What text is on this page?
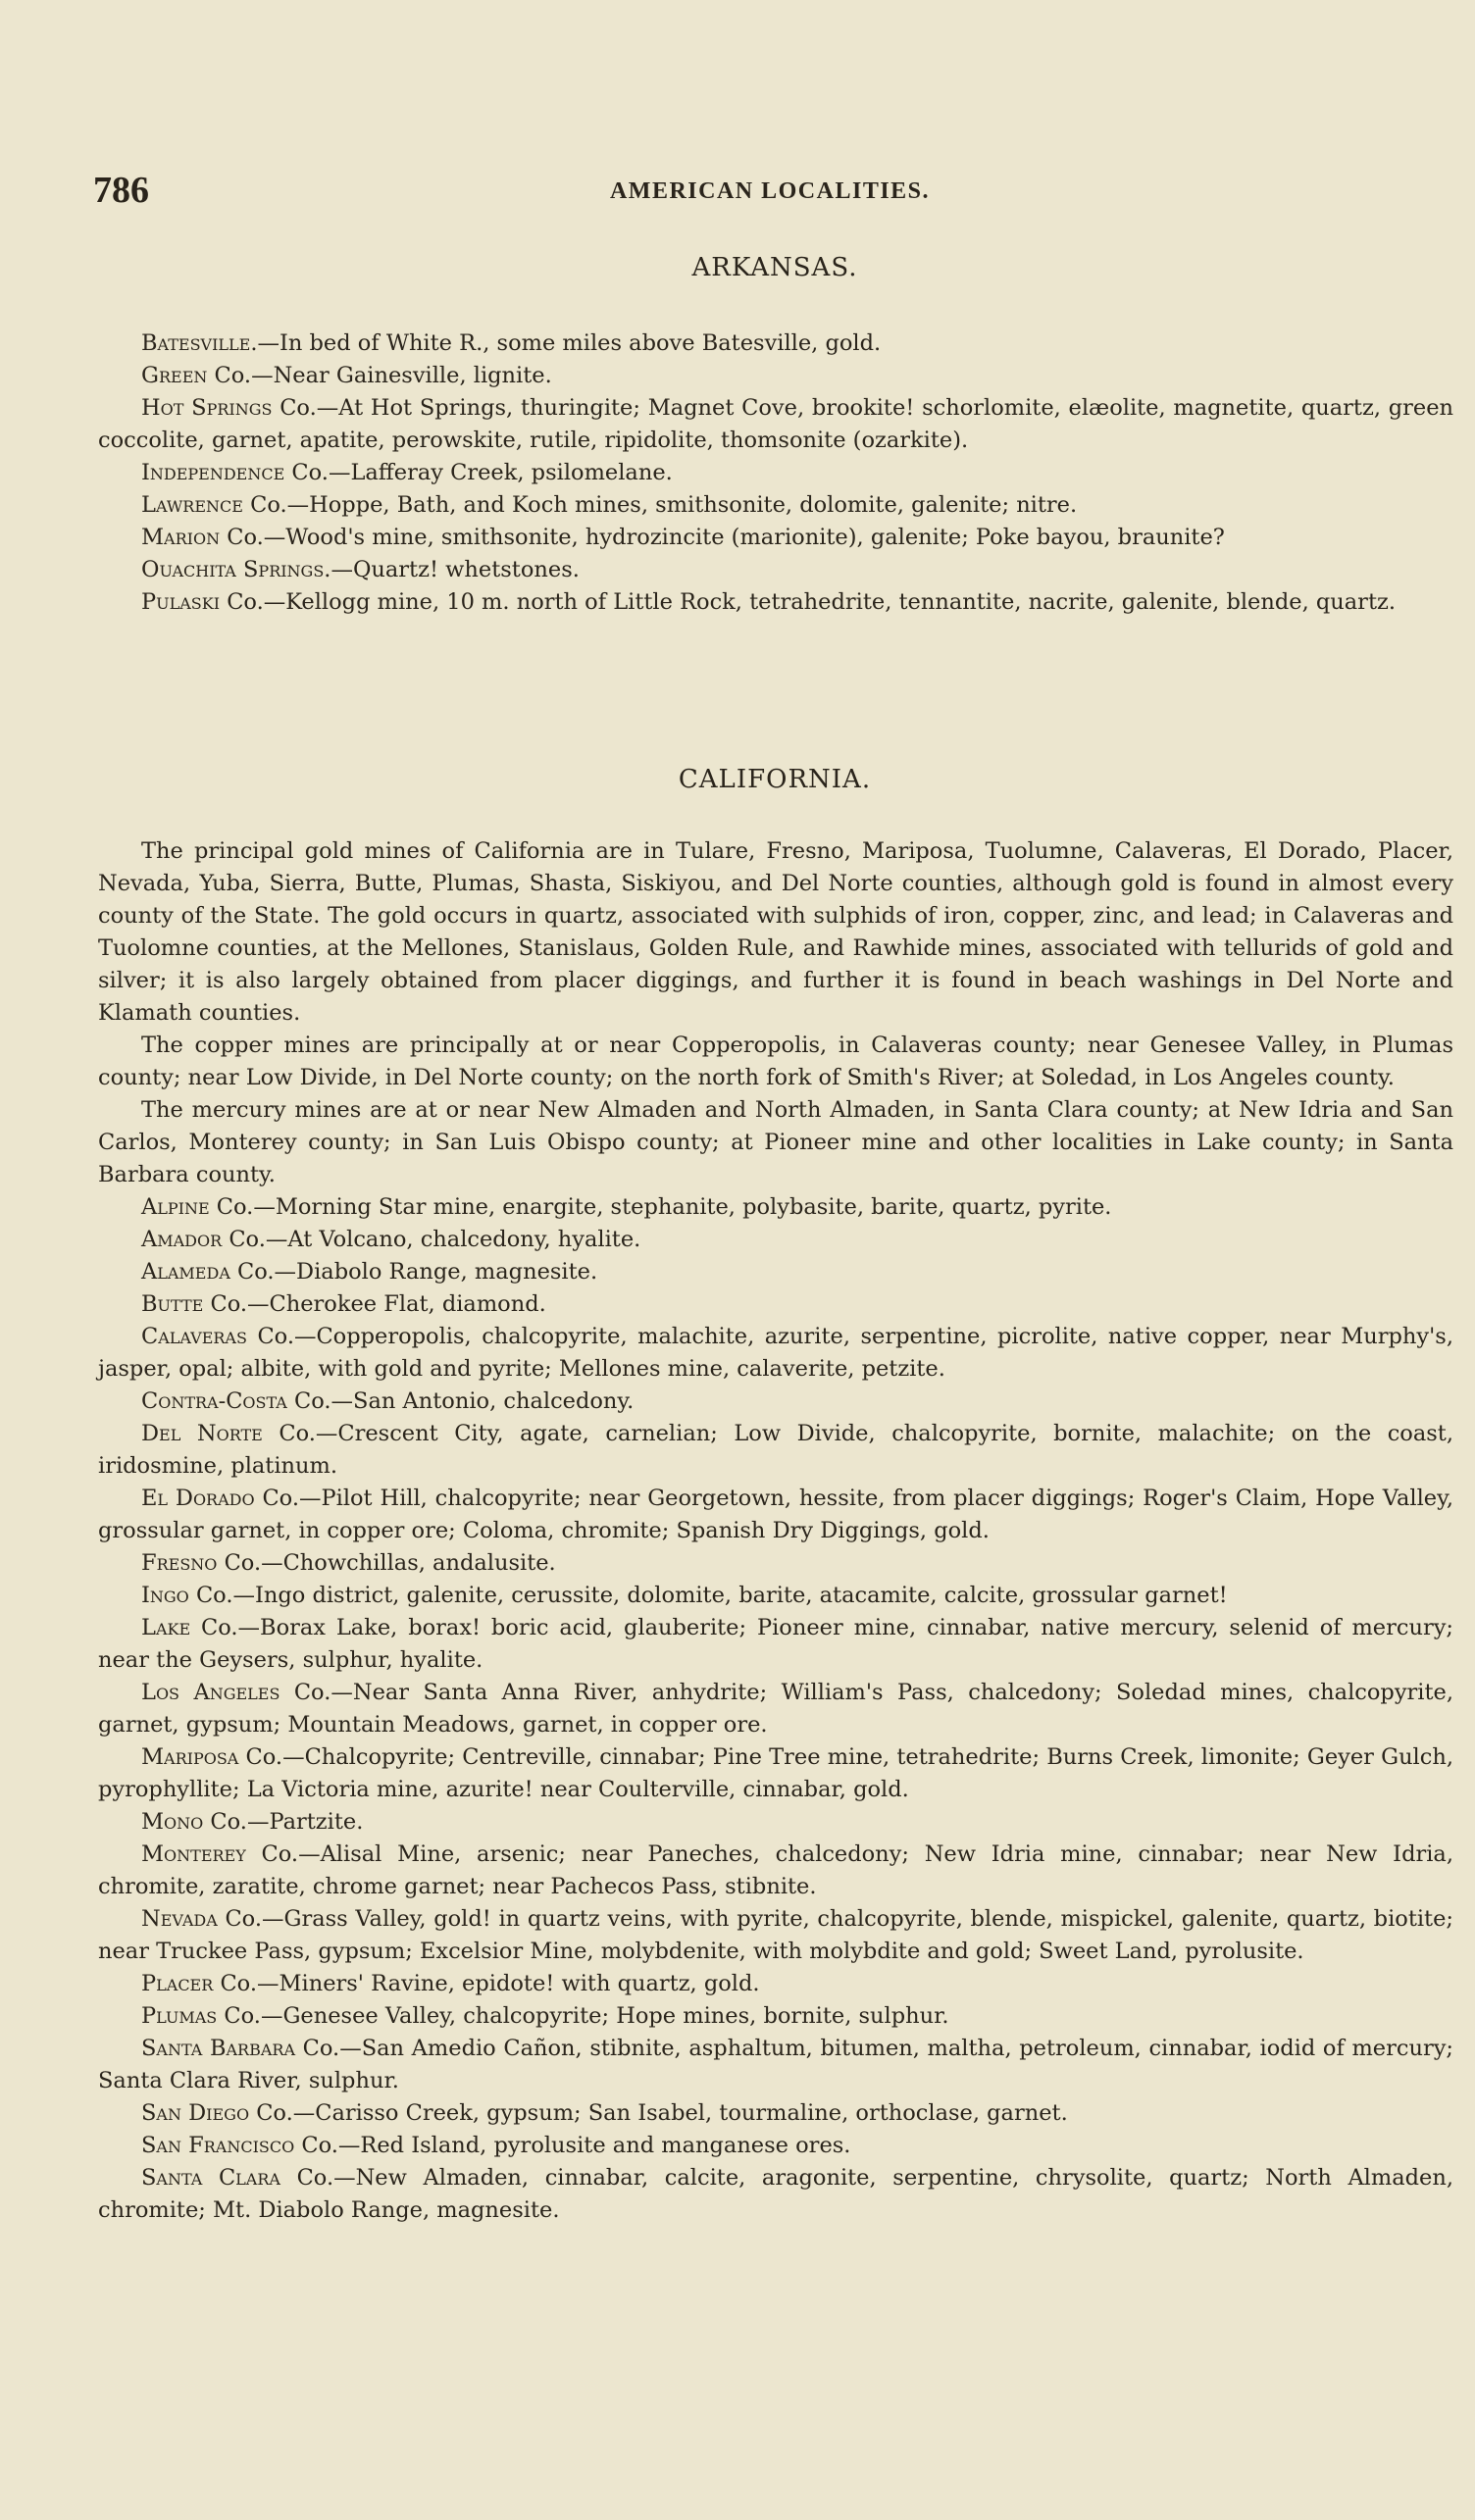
786	AMERICAN LOCALITIES.
ARKANSAS.

Batesville.—In bed of White R., some miles above Batesville, gold.

Green Co.—Near Gainesville, lignite.

Hot Springs Co.—At Hot Springs, thuringite; Magnet Cove, brookite! schorlomite, elæolite, magnetite, quartz, green coccolite, garnet, apatite, perowskite, rutile, ripidolite, thomsonite (ozarkite).

Independence Co.—Lafferay Creek, psilomelane.

Lawrence Co.—Hoppe, Bath, and Koch mines, smithsonite, dolomite, galenite; nitre.

Marion Co.—Wood's mine, smithsonite, hydrozincite (marionite), galenite; Poke bayou, braunite?

Ouachita Springs.—Quartz! whetstones.

Pulaski Co.—Kellogg mine, 10 m. north of Little Rock, tetrahedrite, tennantite, nacrite, galenite, blende, quartz.

CALIFORNIA.

The principal gold mines of California are in Tulare, Fresno, Mariposa, Tuolumne, Calaveras, El Dorado, Placer, Nevada, Yuba, Sierra, Butte, Plumas, Shasta, Siskiyou, and Del Norte counties, although gold is found in almost every county of the State. The gold occurs in quartz, associated with sulphids of iron, copper, zinc, and lead; in Calaveras and Tuolomne counties, at the Mellones, Stanislaus, Golden Rule, and Rawhide mines, associated with tellurids of gold and silver; it is also largely obtained from placer diggings, and further it is found in beach washings in Del Norte and Klamath counties.

The copper mines are principally at or near Copperopolis, in Calaveras county; near Genesee Valley, in Plumas county; near Low Divide, in Del Norte county; on the north fork of Smith's River; at Soledad, in Los Angeles county.

The mercury mines are at or near New Almaden and North Almaden, in Santa Clara county; at New Idria and San Carlos, Monterey county; in San Luis Obispo county; at Pioneer mine and other localities in Lake county; in Santa Barbara county.

Alpine Co.—Morning Star mine, enargite, stephanite, polybasite, barite, quartz, pyrite.

Amador Co.—At Volcano, chalcedony, hyalite.

Alameda Co.—Diabolo Range, magnesite.

Butte Co.—Cherokee Flat, diamond.

Calaveras Co.—Copperopolis, chalcopyrite, malachite, azurite, serpentine, picrolite, native copper, near Murphy's, jasper, opal; albite, with gold and pyrite; Mellones mine, calaverite, petzite.

Contra-Costa Co.—San Antonio, chalcedony.

Del Norte Co.—Crescent City, agate, carnelian; Low Divide, chalcopyrite, bornite, malachite; on the coast, iridosmine, platinum.

El Dorado Co.—Pilot Hill, chalcopyrite; near Georgetown, hessite, from placer diggings; Roger's Claim, Hope Valley, grossular garnet, in copper ore; Coloma, chromite; Spanish Dry Diggings, gold.

Fresno Co.—Chowchillas, andalusite.

Ingo Co.—Ingo district, galenite, cerussite, dolomite, barite, atacamite, calcite, grossular garnet!

Lake Co.—Borax Lake, borax! boric acid, glauberite; Pioneer mine, cinnabar, native mercury, selenid of mercury; near the Geysers, sulphur, hyalite.

Los Angeles Co.—Near Santa Anna River, anhydrite; William's Pass, chalcedony; Soledad mines, chalcopyrite, garnet, gypsum; Mountain Meadows, garnet, in copper ore.

Mariposa Co.—Chalcopyrite; Centreville, cinnabar; Pine Tree mine, tetrahedrite; Burns Creek, limonite; Geyer Gulch, pyrophyllite; La Victoria mine, azurite! near Coulterville, cinnabar, gold.

Mono Co.—Partzite.

Monterey Co.—Alisal Mine, arsenic; near Paneches, chalcedony; New Idria mine, cinnabar; near New Idria, chromite, zaratite, chrome garnet; near Pachecos Pass, stibnite.

Nevada Co.—Grass Valley, gold! in quartz veins, with pyrite, chalcopyrite, blende, mispickel, galenite, quartz, biotite; near Truckee Pass, gypsum; Excelsior Mine, molybdenite, with molybdite and gold; Sweet Land, pyrolusite.

Placer Co.—Miners' Ravine, epidote! with quartz, gold.

Plumas Co.—Genesee Valley, chalcopyrite; Hope mines, bornite, sulphur.

Santa Barbara Co.—San Amedio Cañon, stibnite, asphaltum, bitumen, maltha, petroleum, cinnabar, iodid of mercury; Santa Clara River, sulphur.

San Diego Co.—Carisso Creek, gypsum; San Isabel, tourmaline, orthoclase, garnet.

San Francisco Co.—Red Island, pyrolusite and manganese ores.

Santa Clara Co.—New Almaden, cinnabar, calcite, aragonite, serpentine, chrysolite, quartz; North Almaden, chromite; Mt. Diabolo Range, magnesite.
